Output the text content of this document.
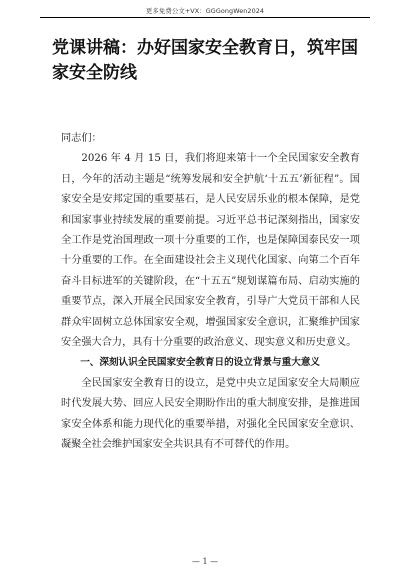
更多免费公文+VX：GGGongWen2024
党课讲稿：办好国家安全教育日，筑牢国家安全防线

同志们：

2026 年 4 月 15 日，我们将迎来第十一个全民国家安全教育日，今年的活动主题是“统筹发展和安全护航‘十五五’新征程”。国家安全是安邦定国的重要基石，是人民安居乐业的根本保障，是党和国家事业持续发展的重要前提。习近平总书记深刻指出，国家安全工作是党治国理政一项十分重要的工作，也是保障国泰民安一项十分重要的工作。在全面建设社会主义现代化国家、向第二个百年奋斗目标进军的关键阶段，在“十五五”规划谋篇布局、启动实施的重要节点，深入开展全民国家安全教育，引导广大党员干部和人民群众牢固树立总体国家安全观，增强国家安全意识，汇聚维护国家安全强大合力，具有十分重要的政治意义、现实意义和历史意义。

一、深刻认识全民国家安全教育日的设立背景与重大意义

全民国家安全教育日的设立，是党中央立足国家安全大局顺应时代发展大势、回应人民安全期盼作出的重大制度安排，是推进国家安全体系和能力现代化的重要举措，对强化全民国家安全意识、凝聚全社会维护国家安全共识具有不可替代的作用。

— 1 —
